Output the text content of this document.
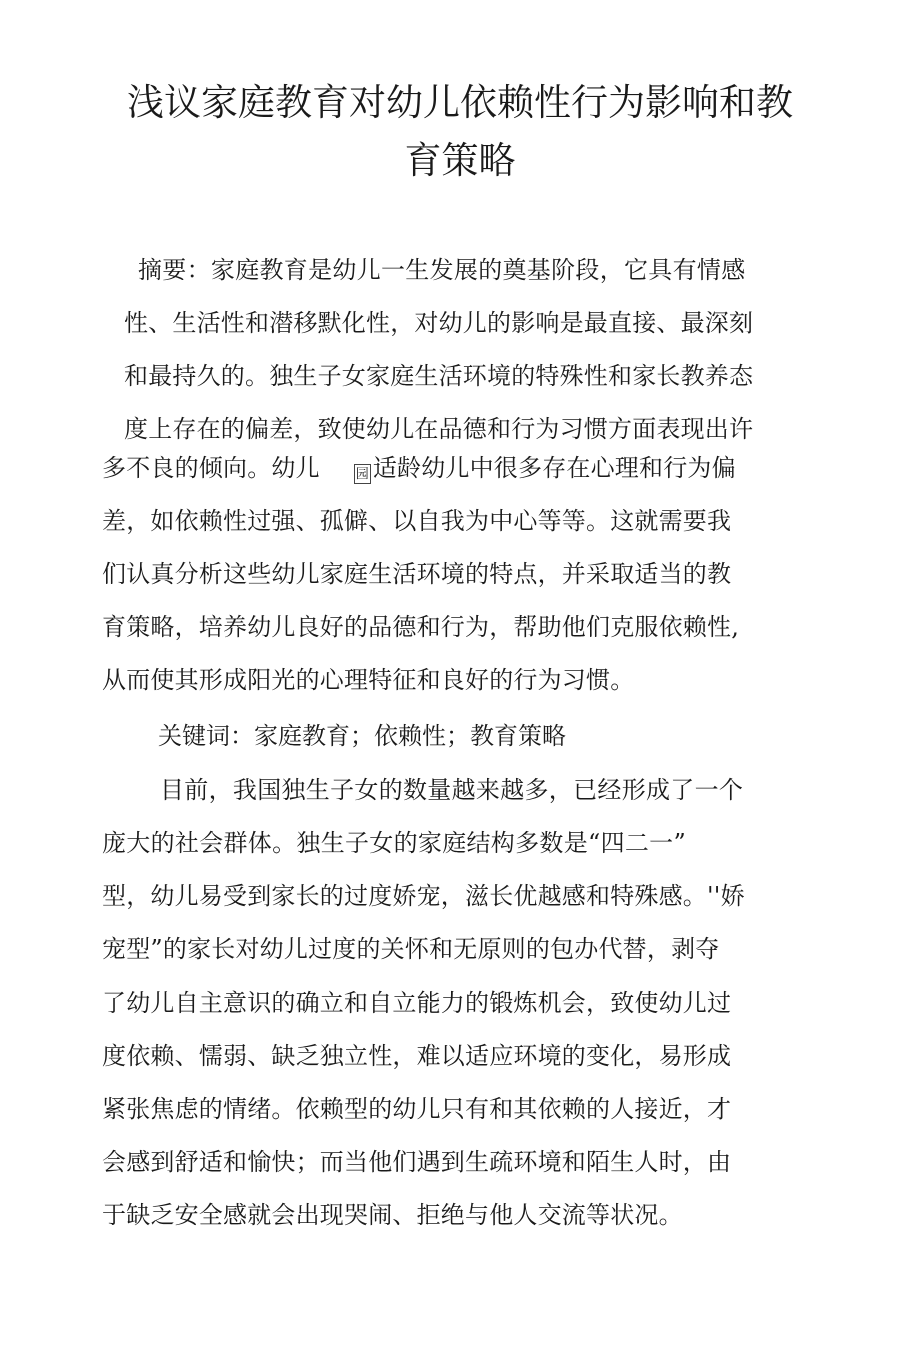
浅议家庭教育对幼儿依赖性行为影响和教育策略
摘要：家庭教育是幼儿一生发展的奠基阶段，它具有情感
性、生活性和潜移默化性，对幼儿的影响是最直接、最深刻
和最持久的。独生子女家庭生活环境的特殊性和家长教养态
度上存在的偏差，致使幼儿在品德和行为习惯方面表现出许
多不良的倾向。幼儿	园 适龄幼儿中很多存在心理和行为偏
差，如依赖性过强、孤僻、以自我为中心等等。这就需要我
们认真分析这些幼儿家庭生活环境的特点，并采取适当的教
育策略，培养幼儿良好的品德和行为，帮助他们克服依赖性,
从而使其形成阳光的心理特征和良好的行为习惯。
关键词：家庭教育；依赖性；教育策略
目前，我国独生子女的数量越来越多，已经形成了一个
庞大的社会群体。独生子女的家庭结构多数是“四二一”
型，幼儿易受到家长的过度娇宠，滋长优越感和特殊感。''娇
宠型”的家长对幼儿过度的关怀和无原则的包办代替，剥夺
了幼儿自主意识的确立和自立能力的锻炼机会，致使幼儿过
度依赖、懦弱、缺乏独立性，难以适应环境的变化，易形成
紧张焦虑的情绪。依赖型的幼儿只有和其依赖的人接近，才
会感到舒适和愉快；而当他们遇到生疏环境和陌生人时，由
于缺乏安全感就会出现哭闹、拒绝与他人交流等状况。
